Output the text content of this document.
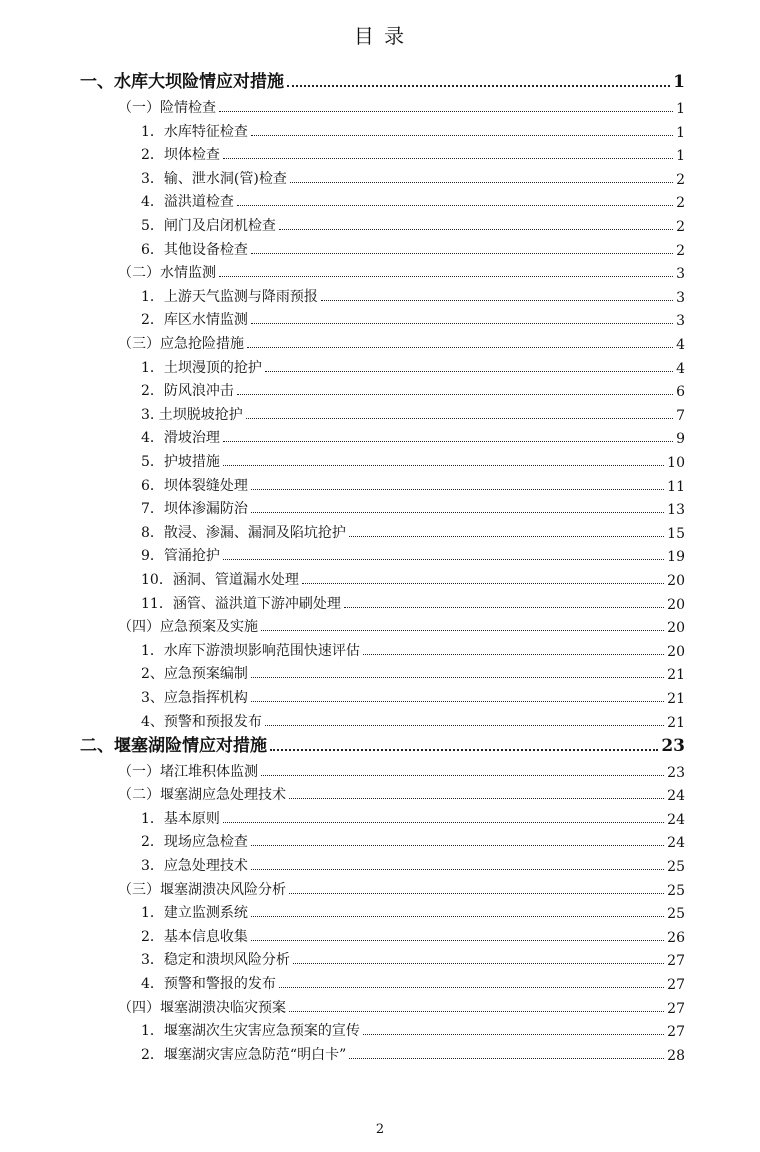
目 录
一、水库大坝险情应对措施	1
（一）险情检查	1
1．水库特征检查	1
2．坝体检查	1
3．输、泄水洞(管)检查	2
4．溢洪道检查	2
5．闸门及启闭机检查	2
6．其他设备检查	2
（二）水情监测	3
1．上游天气监测与降雨预报	3
2．库区水情监测	3
（三）应急抢险措施	4
1．土坝漫顶的抢护	4
2．防风浪冲击	6
3. 土坝脱坡抢护	7
4．滑坡治理	9
5．护坡措施	10
6．坝体裂缝处理	11
7．坝体渗漏防治	13
8．散浸、渗漏、漏洞及陷坑抢护	15
9．管涌抢护	19
10．涵洞、管道漏水处理	20
11．涵管、溢洪道下游冲刷处理	20
（四）应急预案及实施	20
1．水库下游溃坝影响范围快速评估	20
2、应急预案编制	21
3、应急指挥机构	21
4、预警和预报发布	21
二、堰塞湖险情应对措施	23
（一）堵江堆积体监测	23
（二）堰塞湖应急处理技术	24
1．基本原则	24
2．现场应急检查	24
3．应急处理技术	25
（三）堰塞湖溃决风险分析	25
1．建立监测系统	25
2．基本信息收集	26
3．稳定和溃坝风险分析	27
4．预警和警报的发布	27
（四）堰塞湖溃决临灾预案	27
1．堰塞湖次生灾害应急预案的宣传	27
2．堰塞湖灾害应急防范“明白卡”	28
2
